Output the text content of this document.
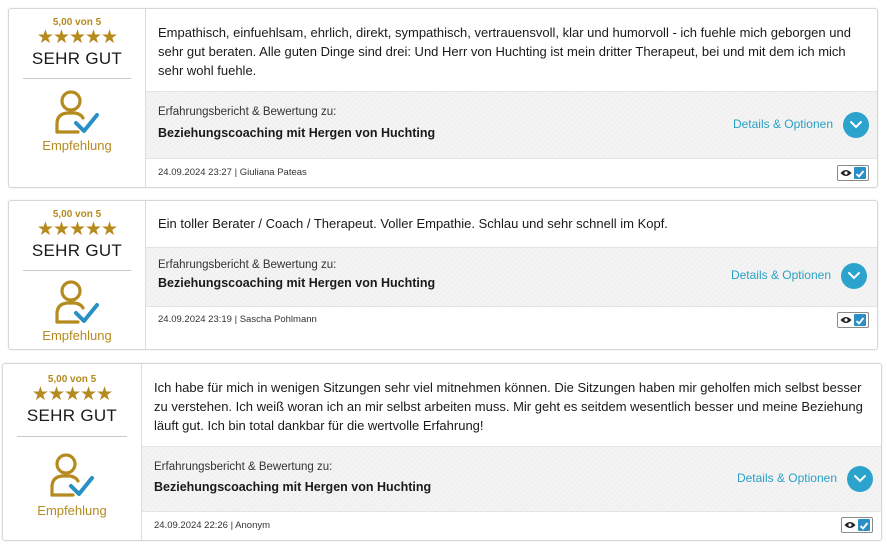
5,00 von 5
★★★★★
SEHR GUT
Empfehlung
Empathisch, einfuehlsam, ehrlich, direkt, sympathisch, vertrauensvoll, klar und humorvoll - ich fuehle mich geborgen und sehr gut beraten. Alle guten Dinge sind drei: Und Herr von Huchting ist mein dritter Therapeut, bei und mit dem ich mich sehr wohl fuehle.
Erfahrungsbericht & Bewertung zu:
Beziehungscoaching mit Hergen von Huchting
Details & Optionen
24.09.2024 23:27 | Giuliana Pateas
5,00 von 5
★★★★★
SEHR GUT
Empfehlung
Ein toller Berater / Coach / Therapeut. Voller Empathie. Schlau und sehr schnell im Kopf.
Erfahrungsbericht & Bewertung zu:
Beziehungscoaching mit Hergen von Huchting
Details & Optionen
24.09.2024 23:19 | Sascha Pohlmann
5,00 von 5
★★★★★
SEHR GUT
Empfehlung
Ich habe für mich in wenigen Sitzungen sehr viel mitnehmen können. Die Sitzungen haben mir geholfen mich selbst besser zu verstehen. Ich weiß woran ich an mir selbst arbeiten muss. Mir geht es seitdem wesentlich besser und meine Beziehung läuft gut. Ich bin total dankbar für die wertvolle Erfahrung!
Erfahrungsbericht & Bewertung zu:
Beziehungscoaching mit Hergen von Huchting
Details & Optionen
24.09.2024 22:26 | Anonym
